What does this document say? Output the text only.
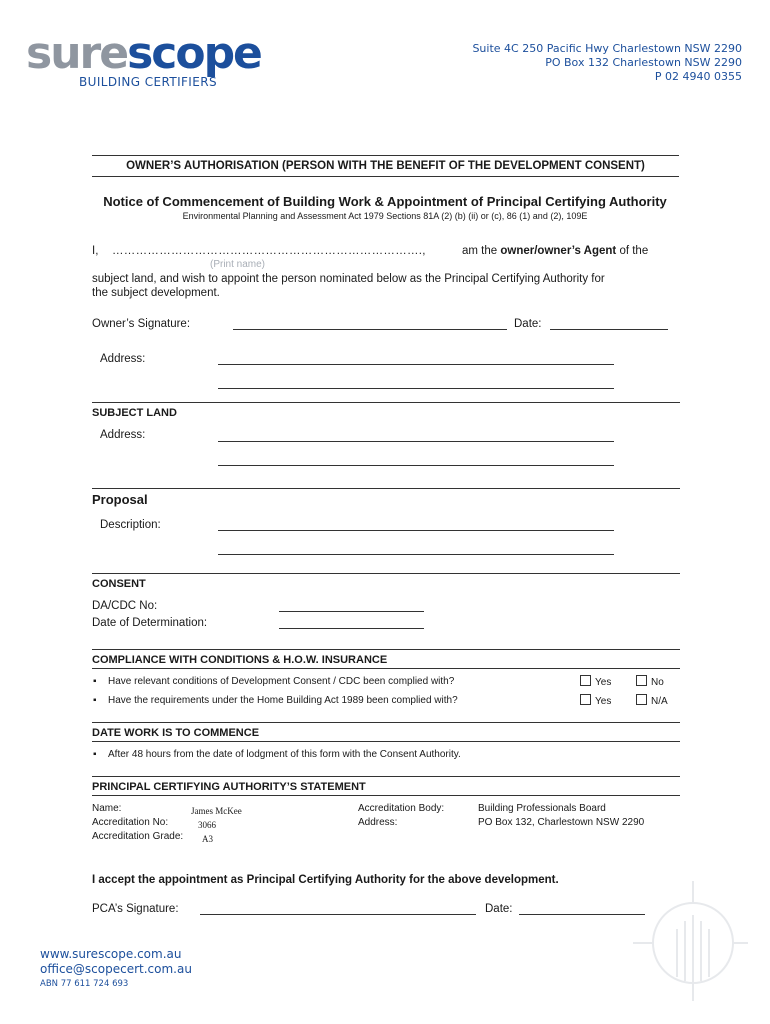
surescope
BUILDING CERTIFIERS
Suite 4C 250 Pacific Hwy Charlestown NSW 2290
PO Box 132 Charlestown NSW 2290
P 02 4940 0355
OWNER’S AUTHORISATION (PERSON WITH THE BENEFIT OF THE DEVELOPMENT CONSENT)
Notice of Commencement of Building Work & Appointment of Principal Certifying Authority
Environmental Planning and Assessment Act 1979 Sections 81A (2) (b) (ii) or (c), 86 (1) and (2), 109E
I, …………………………………………………………………….,	am the owner/owner’s Agent of the
(Print name)
subject land, and wish to appoint the person nominated below as the Principal Certifying Authority for
the subject development.
Owner’s Signature:	Date:
Address:
SUBJECT LAND
Address:
Proposal
Description:
CONSENT
DA/CDC No:
Date of Determination:
COMPLIANCE WITH CONDITIONS & H.O.W. INSURANCE
▪ Have relevant conditions of Development Consent / CDC been complied with?	Yes	No
▪ Have the requirements under the Home Building Act 1989 been complied with?	Yes	N/A
DATE WORK IS TO COMMENCE
▪ After 48 hours from the date of lodgment of this form with the Consent Authority.
PRINCIPAL CERTIFYING AUTHORITY’S STATEMENT
Name:	James McKee
Accreditation No:	3066
Accreditation Grade: A3
Accreditation Body:	Building Professionals Board
Address:	PO Box 132, Charlestown NSW 2290
I accept the appointment as Principal Certifying Authority for the above development.
PCA’s Signature:	Date:
www.surescope.com.au
office@scopecert.com.au
ABN 77 611 724 693
